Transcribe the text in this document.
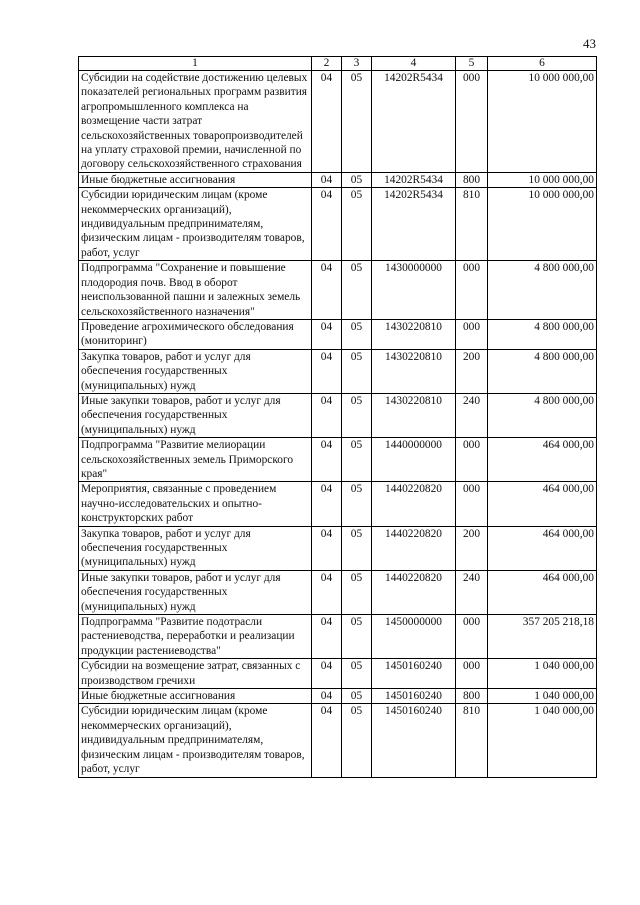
43
1	2	3	4	5	6
Субсидии на содействие достижению целевых показателей региональных программ развития агропромышленного комплекса на возмещение части затрат сельскохозяйственных товаропроизводителей на уплату страховой премии, начисленной по договору сельскохозяйственного страхования	04	05	14202R5434	000	10 000 000,00
Иные бюджетные ассигнования	04	05	14202R5434	800	10 000 000,00
Субсидии юридическим лицам (кроме некоммерческих организаций), индивидуальным предпринимателям, физическим лицам - производителям товаров, работ, услуг	04	05	14202R5434	810	10 000 000,00
Подпрограмма "Сохранение и повышение плодородия почв. Ввод в оборот неиспользованной пашни и залежных земель сельскохозяйственного назначения"	04	05	1430000000	000	4 800 000,00
Проведение агрохимического обследования (мониторинг)	04	05	1430220810	000	4 800 000,00
Закупка товаров, работ и услуг для обеспечения государственных (муниципальных) нужд	04	05	1430220810	200	4 800 000,00
Иные закупки товаров, работ и услуг для обеспечения государственных (муниципальных) нужд	04	05	1430220810	240	4 800 000,00
Подпрограмма "Развитие мелиорации сельскохозяйственных земель Приморского края"	04	05	1440000000	000	464 000,00
Мероприятия, связанные с проведением научно-исследовательских и опытно-конструкторских работ	04	05	1440220820	000	464 000,00
Закупка товаров, работ и услуг для обеспечения государственных (муниципальных) нужд	04	05	1440220820	200	464 000,00
Иные закупки товаров, работ и услуг для обеспечения государственных (муниципальных) нужд	04	05	1440220820	240	464 000,00
Подпрограмма "Развитие подотрасли растениеводства, переработки и реализации продукции растениеводства"	04	05	1450000000	000	357 205 218,18
Субсидии на возмещение затрат, связанных с производством гречихи	04	05	1450160240	000	1 040 000,00
Иные бюджетные ассигнования	04	05	1450160240	800	1 040 000,00
Субсидии юридическим лицам (кроме некоммерческих организаций), индивидуальным предпринимателям, физическим лицам - производителям товаров, работ, услуг	04	05	1450160240	810	1 040 000,00
